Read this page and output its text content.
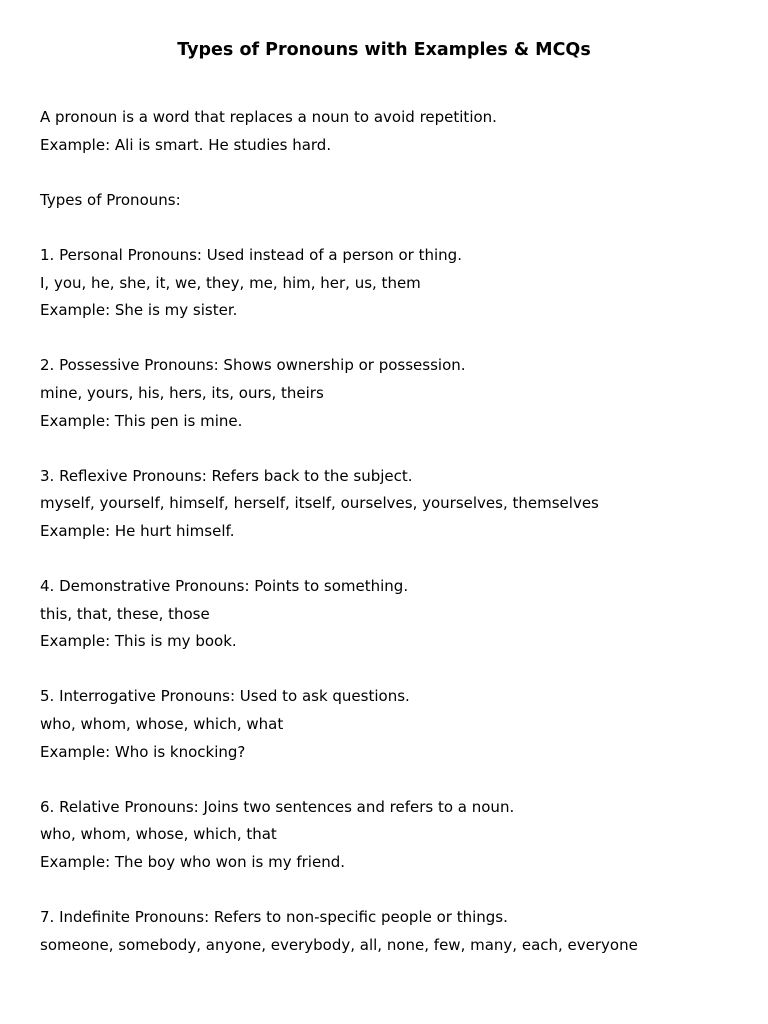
Types of Pronouns with Examples & MCQs

A pronoun is a word that replaces a noun to avoid repetition.

Example: Ali is smart. He studies hard.

Types of Pronouns:

1. Personal Pronouns: Used instead of a person or thing.

I, you, he, she, it, we, they, me, him, her, us, them

Example: She is my sister.

2. Possessive Pronouns: Shows ownership or possession.

mine, yours, his, hers, its, ours, theirs

Example: This pen is mine.

3. Reflexive Pronouns: Refers back to the subject.

myself, yourself, himself, herself, itself, ourselves, yourselves, themselves

Example: He hurt himself.

4. Demonstrative Pronouns: Points to something.

this, that, these, those

Example: This is my book.

5. Interrogative Pronouns: Used to ask questions.

who, whom, whose, which, what

Example: Who is knocking?

6. Relative Pronouns: Joins two sentences and refers to a noun.

who, whom, whose, which, that

Example: The boy who won is my friend.

7. Indefinite Pronouns: Refers to non-specific people or things.

someone, somebody, anyone, everybody, all, none, few, many, each, everyone
